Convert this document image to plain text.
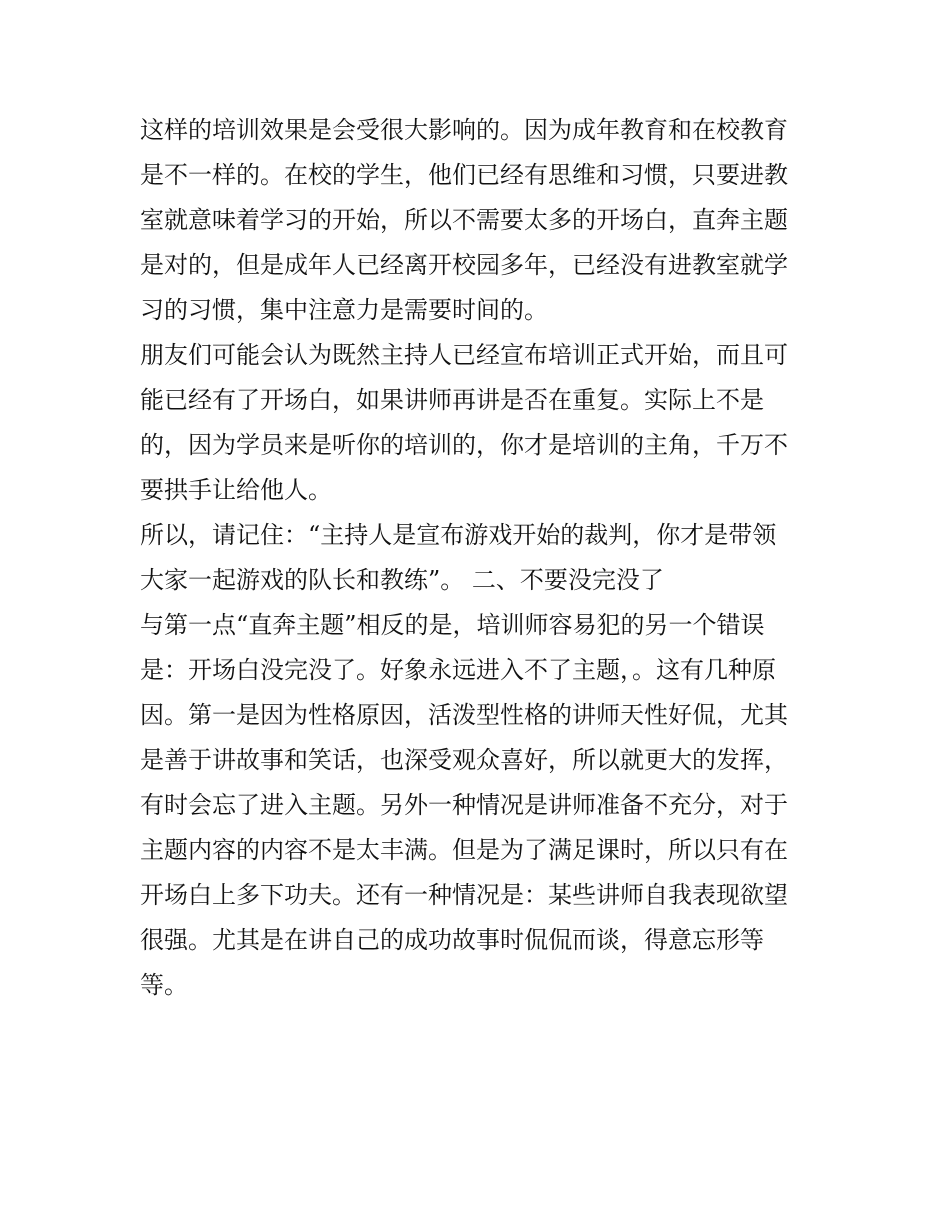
这样的培训效果是会受很大影响的。因为成年教育和在校教育
是不一样的。在校的学生，他们已经有思维和习惯，只要进教
室就意味着学习的开始，所以不需要太多的开场白，直奔主题
是对的，但是成年人已经离开校园多年，已经没有进教室就学
习的习惯，集中注意力是需要时间的。
朋友们可能会认为既然主持人已经宣布培训正式开始，而且可
能已经有了开场白，如果讲师再讲是否在重复。实际上不是
的，因为学员来是听你的培训的，你才是培训的主角，千万不
要拱手让给他人。
所以，请记住：“主持人是宣布游戏开始的裁判，你才是带领
大家一起游戏的队长和教练”。 二、不要没完没了
与第一点“直奔主题”相反的是，培训师容易犯的另一个错误
是：开场白没完没了。好象永远进入不了主题，。这有几种原
因。第一是因为性格原因，活泼型性格的讲师天性好侃，尤其
是善于讲故事和笑话，也深受观众喜好，所以就更大的发挥，
有时会忘了进入主题。另外一种情况是讲师准备不充分，对于
主题内容的内容不是太丰满。但是为了满足课时，所以只有在
开场白上多下功夫。还有一种情况是：某些讲师自我表现欲望
很强。尤其是在讲自己的成功故事时侃侃而谈，得意忘形等
等。
